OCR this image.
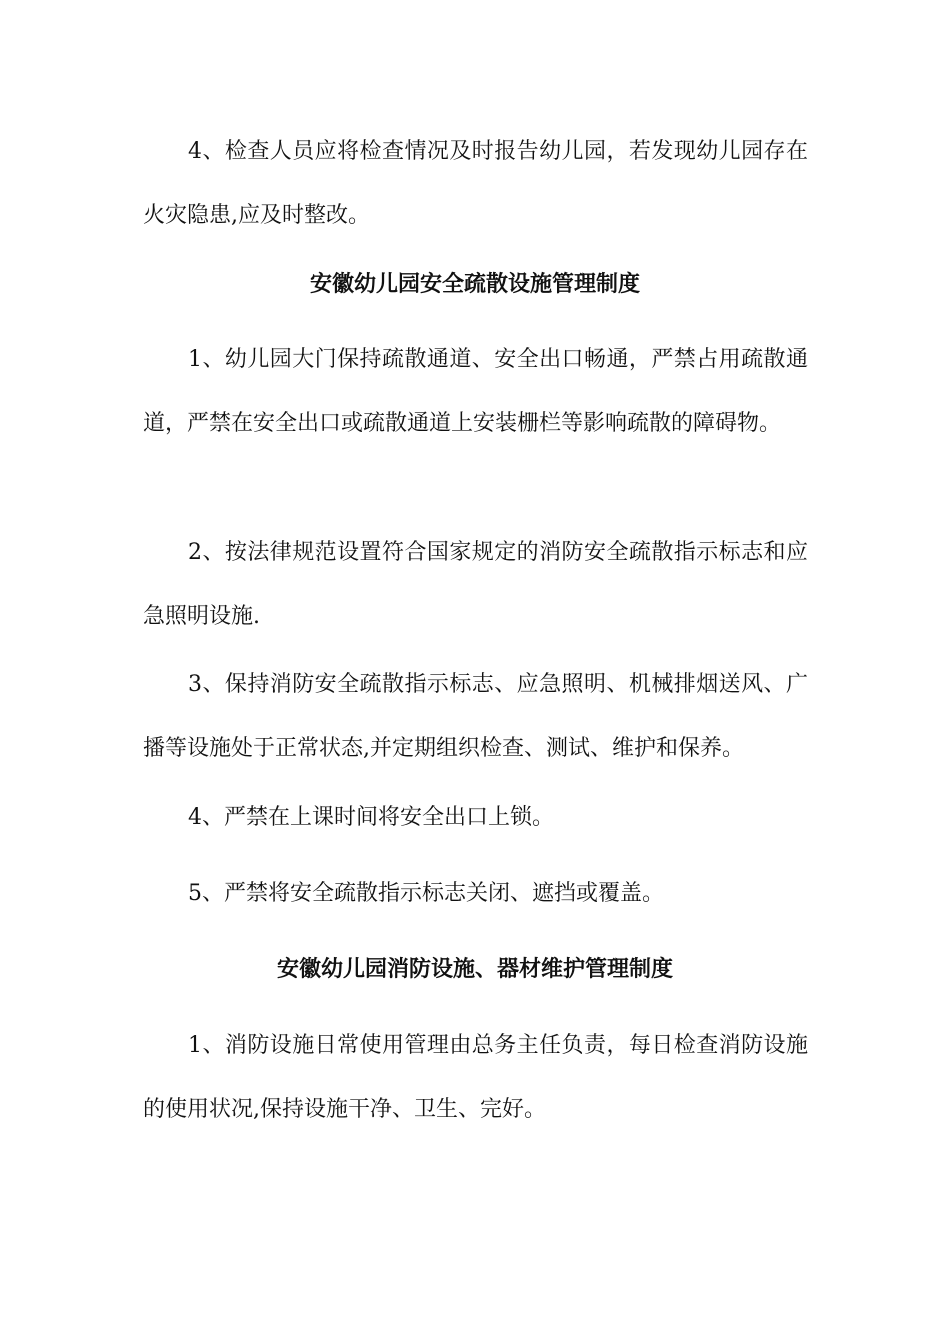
4、检查人员应将检查情况及时报告幼儿园，若发现幼儿园存在火灾隐患,应及时整改。

安徽幼儿园安全疏散设施管理制度

1、幼儿园大门保持疏散通道、安全出口畅通，严禁占用疏散通道，严禁在安全出口或疏散通道上安装栅栏等影响疏散的障碍物。

2、按法律规范设置符合国家规定的消防安全疏散指示标志和应急照明设施.

3、保持消防安全疏散指示标志、应急照明、机械排烟送风、广播等设施处于正常状态,并定期组织检查、测试、维护和保养。

4、严禁在上课时间将安全出口上锁。

5、严禁将安全疏散指示标志关闭、遮挡或覆盖。

安徽幼儿园消防设施、器材维护管理制度

1、消防设施日常使用管理由总务主任负责，每日检查消防设施的使用状况,保持设施干净、卫生、完好。
